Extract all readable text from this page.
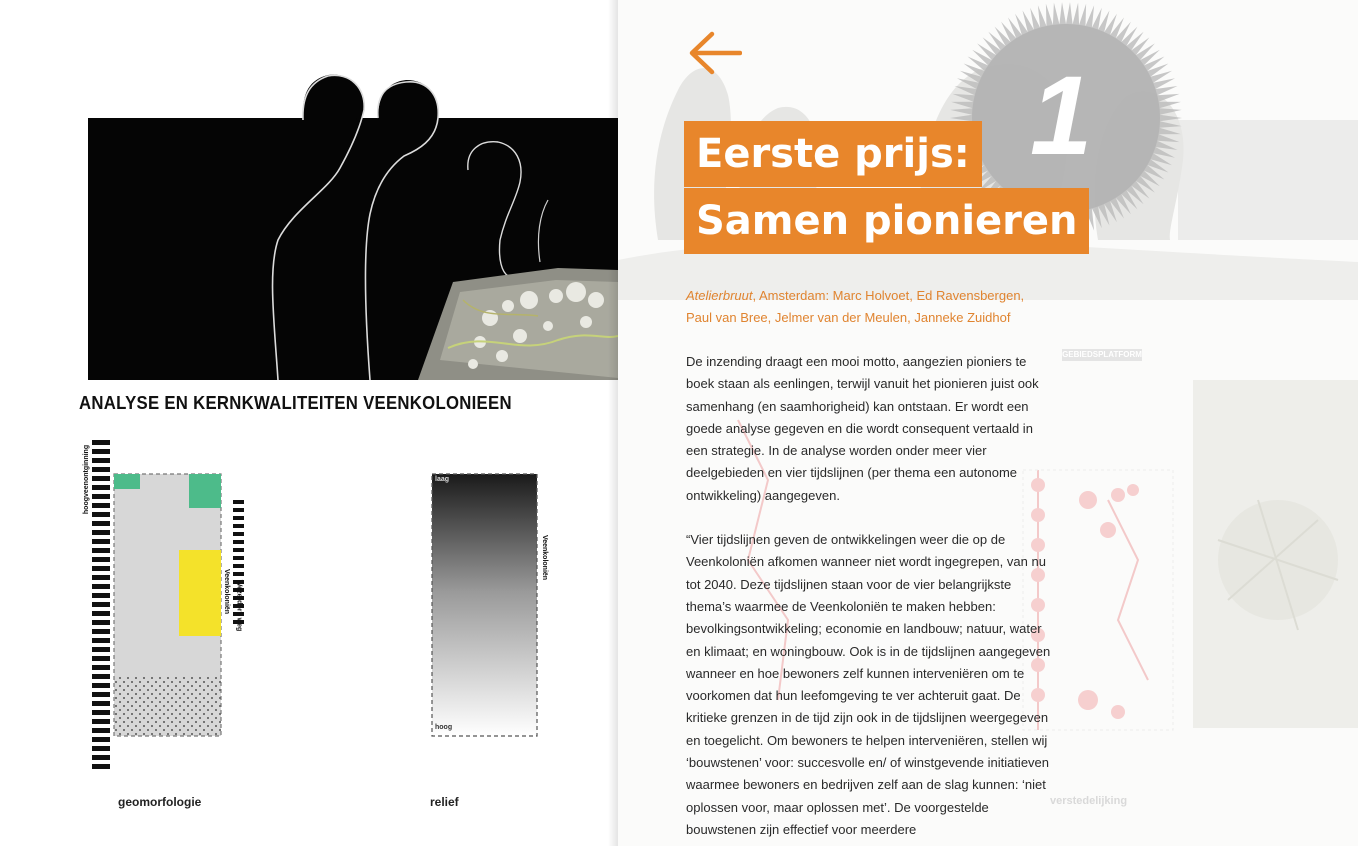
ANALYSE EN KERNKWALITEITEN VEENKOLONIEEN
hoogveenontginning
Veenkoloniën Wezerdorp weg
geomorfologie
laag
hoog
Veenkoloniën
relief
GEBIEDSPLATFORM
verstedelijking
1
Eerste prijs:
Samen pionieren
Atelierbruut, Amsterdam: Marc Holvoet, Ed Ravensbergen,
Paul van Bree, Jelmer van der Meulen, Janneke Zuidhof

De inzending draagt een mooi motto, aangezien pioniers te boek staan als eenlingen, terwijl vanuit het pionieren juist ook samenhang (en saamhorigheid) kan ontstaan. Er wordt een goede analyse gegeven en die wordt consequent vertaald in een strategie. In de analyse worden onder meer vier deelgebieden en vier tijdslijnen (per thema een autonome ontwikkeling) aangegeven.

“Vier tijdslijnen geven de ontwikkelingen weer die op de Veenkoloniën afkomen wanneer niet wordt ingegrepen, van nu tot 2040. Deze tijdslijnen staan voor de vier belangrijkste thema’s waarmee de Veenkoloniën te maken hebben: bevolkingsontwikkeling; economie en landbouw; natuur, water en klimaat; en woningbouw. Ook is in de tijdslijnen aangegeven wanneer en hoe bewoners zelf kunnen interveniëren om te voorkomen dat hun leefomgeving te ver achteruit gaat. De kritieke grenzen in de tijd zijn ook in de tijdslijnen weergegeven en toegelicht. Om bewoners te helpen interveniëren, stellen wij ‘bouwstenen’ voor: succesvolle en/ of winstgevende initiatieven waarmee bewoners en bedrijven zelf aan de slag kunnen: ‘niet oplossen voor, maar oplossen met’. De voorgestelde bouwstenen zijn effectief voor meerdere
